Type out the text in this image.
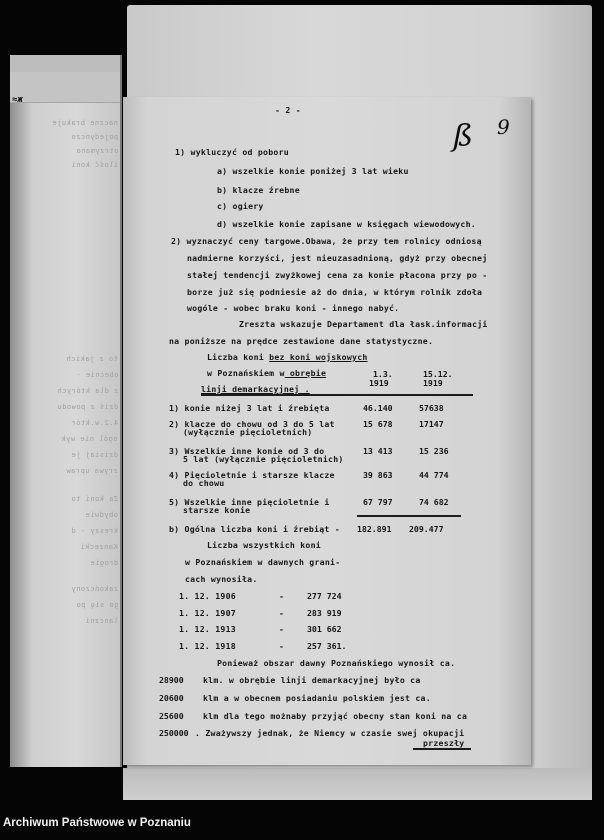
≈ж
naczne brakuje
pojedynczo
otrzymano
ilość koni
to z jakich
obecnie -
z dla których
dziś z powodu
4.2.w.któr
ogól nie wyk
dzisiaj je
zrywa upraw
Za koni to
obydwie
kreszy - d
Kanzecki
drogie
zakończony
go się po
lanczni
- 2 -
ß 9
1) wykluczyć od poboru
a) wszelkie konie poniżej 3 lat wieku
b) klacze źrebne
c) ogiery
d) wszelkie konie zapisane w księgach wiewodowych.
2) wyznaczyć ceny targowe.Obawa, że przy tem rolnicy odniosą
nadmierne korzyści, jest nieuzasadnioną, gdyż przy obecnej
stałej tendencji zwyżkowej cena za konie płacona przy po -
borze już się podniesie aż do dnia, w którym rolnik zdoła
wogóle - wobec braku koni - innego nabyć.
Zreszta wskazuje Departament dla łask.informacji
na poniższe na prędce zestawione dane statystyczne.
Liczba koni bez koni wojskowych
w Poznańskiem w obrębie
linji demarkacyjnej .
1.3.
1919
15.12.
1919
1) konie niżej 3 lat i źrebięta	46.140	57638
2) klacze do chowu od 3 do 5 lat
(wyłącznie pięcioletnich)
15 678	17147
3) Wszelkie inne konie od 3 do
5 lat (wyłącznie pięcioletnich)
13 413	15 236
4) Pięcioletnie i starsze klacze
do chowu
39 863	44 774
5) Wszelkie inne pięcioletnie i
starsze konie
67 797	74 682
b) Ogólna liczba koni i źrebiąt - 182.891 209.477
Liczba wszystkich koni
w Poznańskiem w dawnych grani-
cach wynosiła.
1. 12. 1906	-	277 724
1. 12. 1907	-	283 919
1. 12. 1913	-	301 662
1. 12. 1918	-	257 361.
Ponieważ obszar dawny Poznańskiego wynosił ca.
28900 klm. w obrębie linji demarkacyjnej było ca
20600 klm a w obecnem posiadaniu polskiem jest ca.
25600 klm dla tego możnaby przyjąć obecny stan koni na ca
250000 . Zważywszy jednak, że Niemcy w czasie swej okupacji
przeszły
Archiwum Państwowe w Poznaniu
